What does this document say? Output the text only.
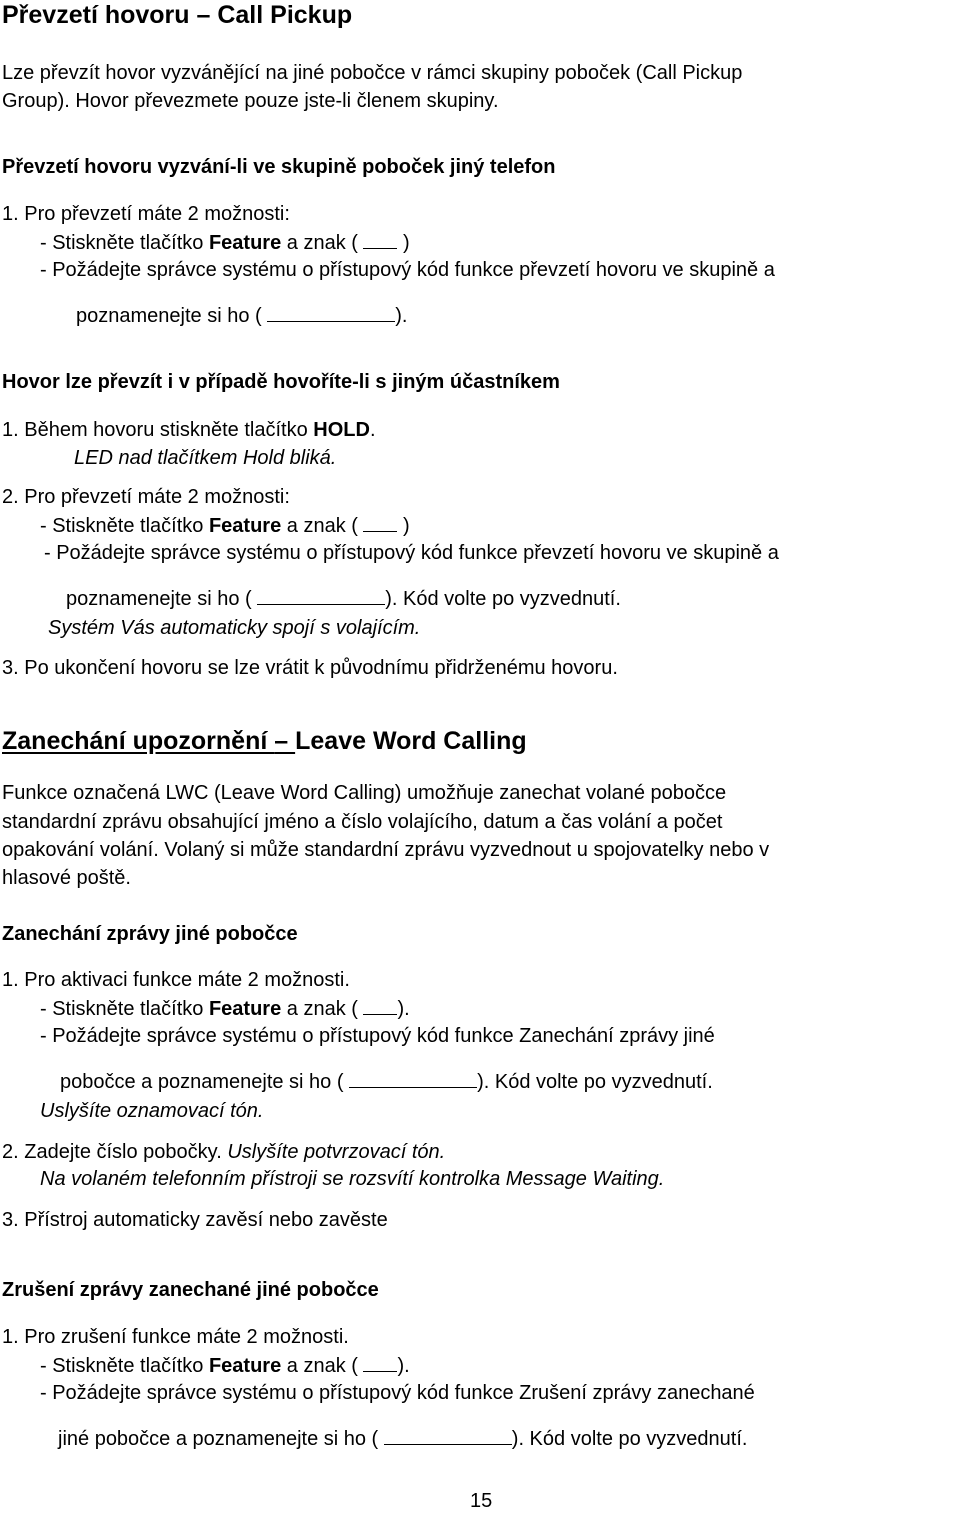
Převzetí hovoru – Call Pickup
Lze převzít hovor vyzvánějící na jiné pobočce v rámci skupiny poboček (Call Pickup
Group). Hovor převezmete pouze jste-li členem skupiny.
Převzetí hovoru vyzvání-li ve skupině poboček jiný telefon
1. Pro převzetí máte 2 možnosti:
- Stiskněte tlačítko Feature a znak ( )
- Požádejte správce systému o přístupový kód funkce převzetí hovoru ve skupině a
poznamenejte si ho (	).
Hovor lze převzít i v případě hovoříte-li s jiným účastníkem
1. Během hovoru stiskněte tlačítko HOLD.
LED nad tlačítkem Hold bliká.
2. Pro převzetí máte 2 možnosti:
- Stiskněte tlačítko Feature a znak ( )
- Požádejte správce systému o přístupový kód funkce převzetí hovoru ve skupině a
poznamenejte si ho (	). Kód volte po vyzvednutí.
Systém Vás automaticky spojí s volajícím.
3. Po ukončení hovoru se lze vrátit k původnímu přidrženému hovoru.
Zanechání upozornění – Leave Word Calling
Funkce označená LWC (Leave Word Calling) umožňuje zanechat volané pobočce
standardní zprávu obsahující jméno a číslo volajícího, datum a čas volání a počet
opakování volání. Volaný si může standardní zprávu vyzvednout u spojovatelky nebo v
hlasové poště.
Zanechání zprávy jiné pobočce
1. Pro aktivaci funkce máte 2 možnosti.
- Stiskněte tlačítko Feature a znak ( ).
- Požádejte správce systému o přístupový kód funkce Zanechání zprávy jiné
pobočce a poznamenejte si ho (	). Kód volte po vyzvednutí.
Uslyšíte oznamovací tón.
2. Zadejte číslo pobočky. Uslyšíte potvrzovací tón.
Na volaném telefonním přístroji se rozsvítí kontrolka Message Waiting.
3. Přístroj automaticky zavěsí nebo zavěste
Zrušení zprávy zanechané jiné pobočce
1. Pro zrušení funkce máte 2 možnosti.
- Stiskněte tlačítko Feature a znak ( ).
- Požádejte správce systému o přístupový kód funkce Zrušení zprávy zanechané
jiné pobočce a poznamenejte si ho (	). Kód volte po vyzvednutí.
15
